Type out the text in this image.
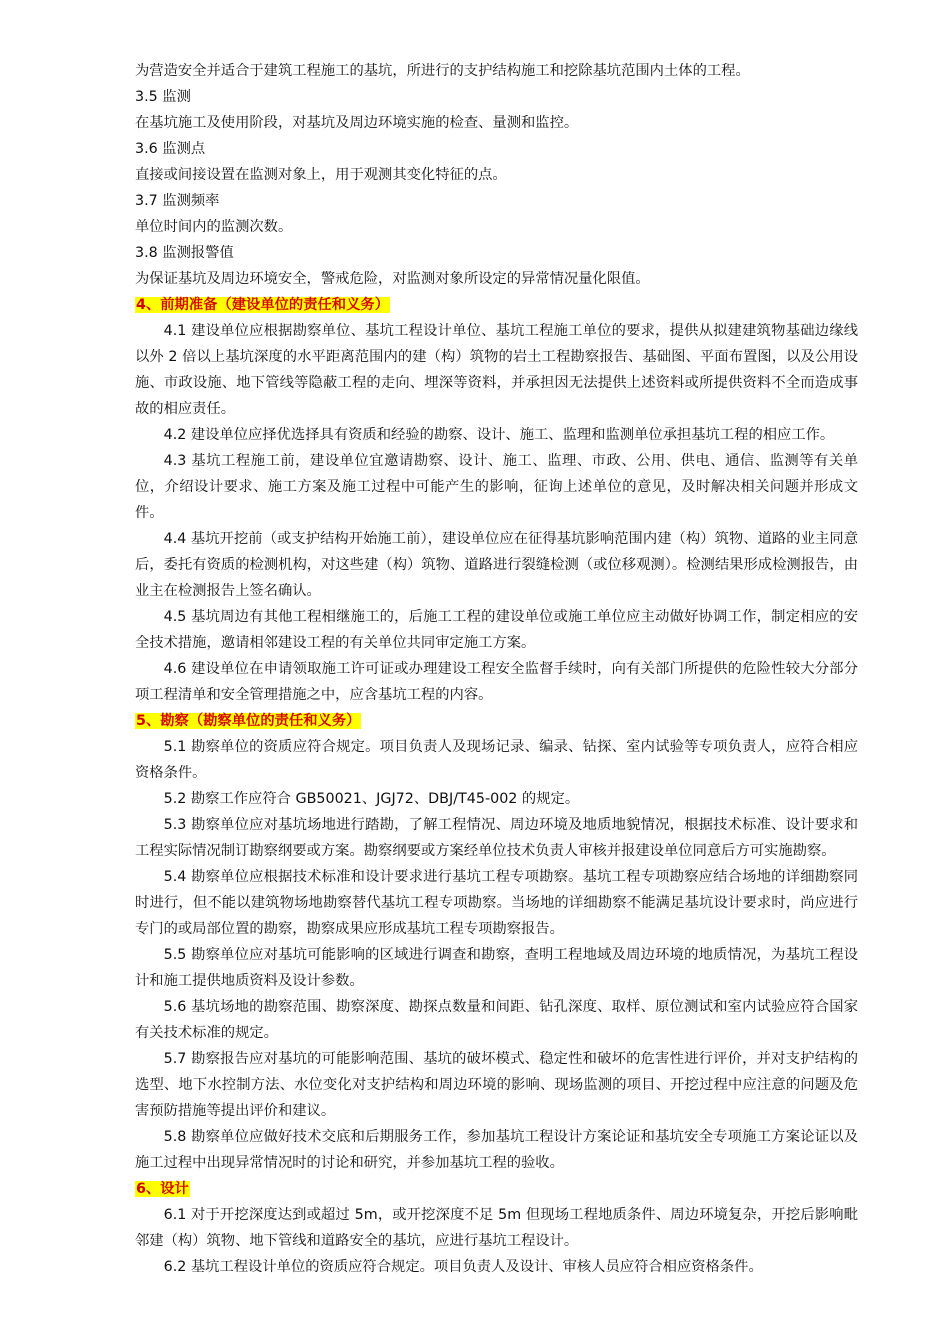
为营造安全并适合于建筑工程施工的基坑，所进行的支护结构施工和挖除基坑范围内土体的工程。

3.5 监测

在基坑施工及使用阶段，对基坑及周边环境实施的检查、量测和监控。

3.6 监测点

直接或间接设置在监测对象上，用于观测其变化特征的点。

3.7 监测频率

单位时间内的监测次数。

3.8 监测报警值

为保证基坑及周边环境安全，警戒危险，对监测对象所设定的异常情况量化限值。

4、前期准备（建设单位的责任和义务）

4.1 建设单位应根据勘察单位、基坑工程设计单位、基坑工程施工单位的要求，提供从拟建建筑物基础边缘线以外 2 倍以上基坑深度的水平距离范围内的建（构）筑物的岩土工程勘察报告、基础图、平面布置图，以及公用设施、市政设施、地下管线等隐蔽工程的走向、埋深等资料，并承担因无法提供上述资料或所提供资料不全而造成事故的相应责任。

4.2 建设单位应择优选择具有资质和经验的勘察、设计、施工、监理和监测单位承担基坑工程的相应工作。

4.3 基坑工程施工前，建设单位宜邀请勘察、设计、施工、监理、市政、公用、供电、通信、监测等有关单位，介绍设计要求、施工方案及施工过程中可能产生的影响，征询上述单位的意见，及时解决相关问题并形成文件。

4.4 基坑开挖前（或支护结构开始施工前），建设单位应在征得基坑影响范围内建（构）筑物、道路的业主同意后，委托有资质的检测机构，对这些建（构）筑物、道路进行裂缝检测（或位移观测）。检测结果形成检测报告，由业主在检测报告上签名确认。

4.5 基坑周边有其他工程相继施工的，后施工工程的建设单位或施工单位应主动做好协调工作，制定相应的安全技术措施，邀请相邻建设工程的有关单位共同审定施工方案。

4.6 建设单位在申请领取施工许可证或办理建设工程安全监督手续时，向有关部门所提供的危险性较大分部分项工程清单和安全管理措施之中，应含基坑工程的内容。

5、勘察（勘察单位的责任和义务）

5.1 勘察单位的资质应符合规定。项目负责人及现场记录、编录、钻探、室内试验等专项负责人，应符合相应资格条件。

5.2 勘察工作应符合 GB50021、JGJ72、DBJ/T45-002 的规定。

5.3 勘察单位应对基坑场地进行踏勘，了解工程情况、周边环境及地质地貌情况，根据技术标准、设计要求和工程实际情况制订勘察纲要或方案。勘察纲要或方案经单位技术负责人审核并报建设单位同意后方可实施勘察。

5.4 勘察单位应根据技术标准和设计要求进行基坑工程专项勘察。基坑工程专项勘察应结合场地的详细勘察同时进行，但不能以建筑物场地勘察替代基坑工程专项勘察。当场地的详细勘察不能满足基坑设计要求时，尚应进行专门的或局部位置的勘察，勘察成果应形成基坑工程专项勘察报告。

5.5 勘察单位应对基坑可能影响的区域进行调查和勘察，查明工程地域及周边环境的地质情况，为基坑工程设计和施工提供地质资料及设计参数。

5.6 基坑场地的勘察范围、勘察深度、勘探点数量和间距、钻孔深度、取样、原位测试和室内试验应符合国家有关技术标准的规定。

5.7 勘察报告应对基坑的可能影响范围、基坑的破坏模式、稳定性和破坏的危害性进行评价，并对支护结构的选型、地下水控制方法、水位变化对支护结构和周边环境的影响、现场监测的项目、开挖过程中应注意的问题及危害预防措施等提出评价和建议。

5.8 勘察单位应做好技术交底和后期服务工作，参加基坑工程设计方案论证和基坑安全专项施工方案论证以及施工过程中出现异常情况时的讨论和研究，并参加基坑工程的验收。

6、设计

6.1 对于开挖深度达到或超过 5m，或开挖深度不足 5m 但现场工程地质条件、周边环境复杂，开挖后影响毗邻建（构）筑物、地下管线和道路安全的基坑，应进行基坑工程设计。

6.2 基坑工程设计单位的资质应符合规定。项目负责人及设计、审核人员应符合相应资格条件。
